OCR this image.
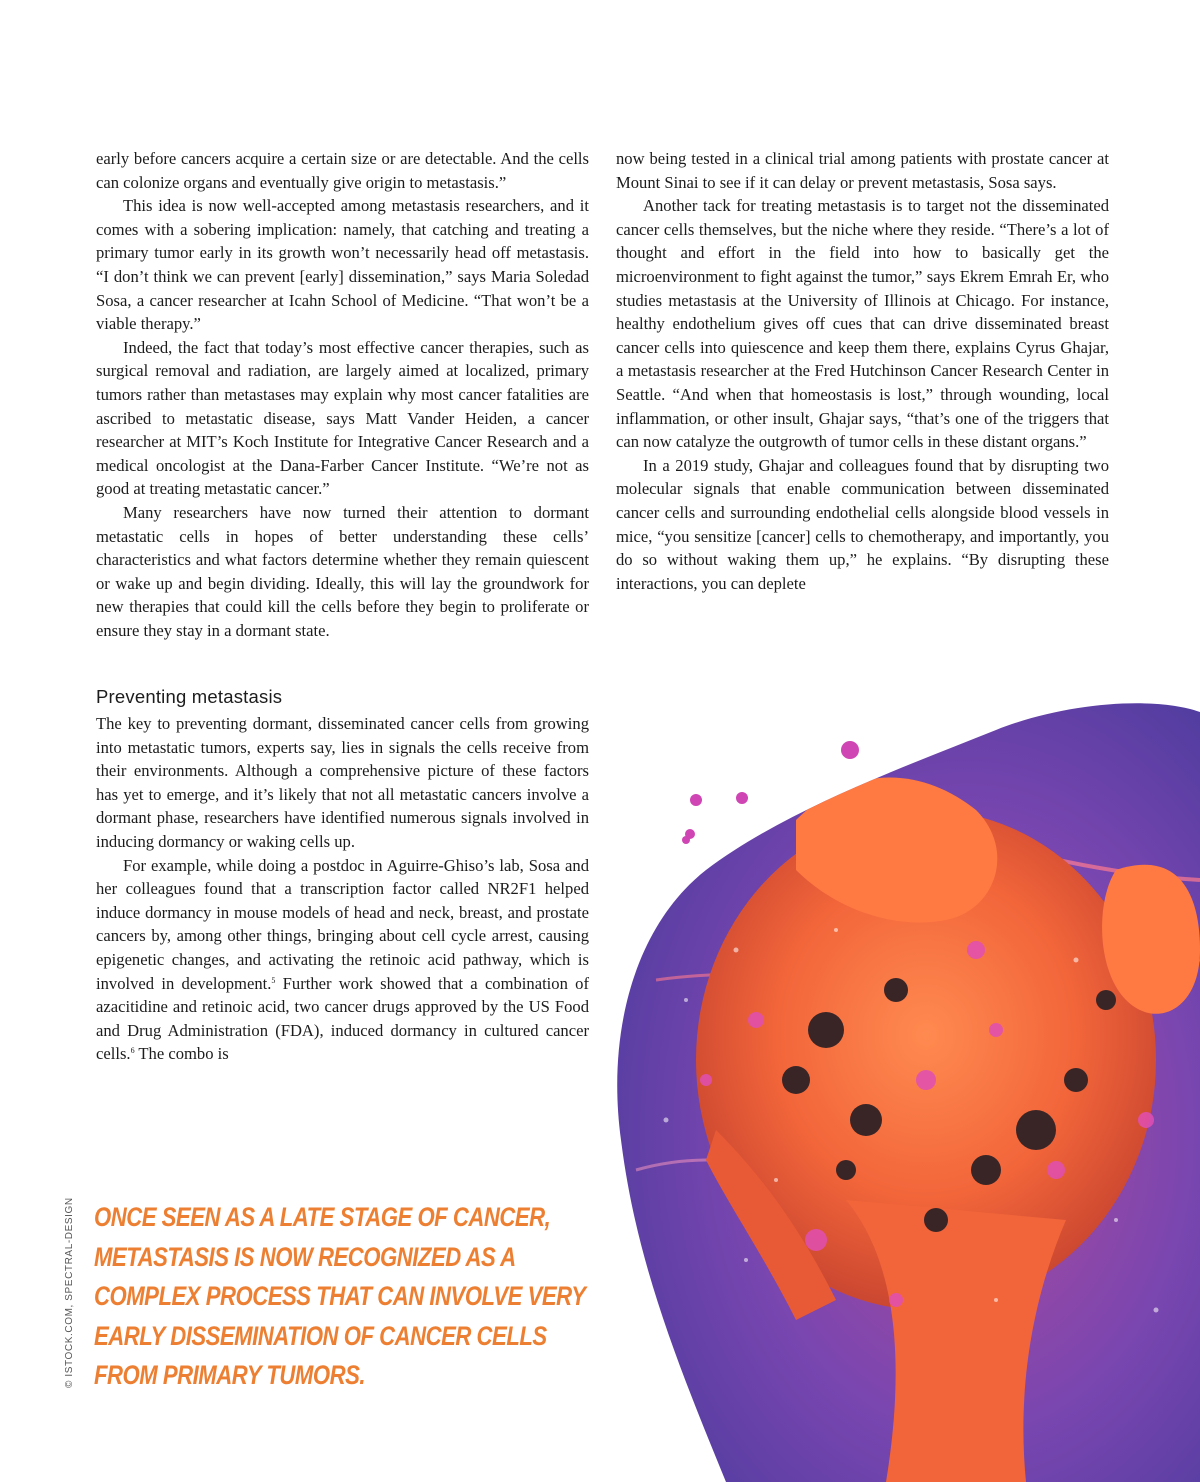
early before cancers acquire a certain size or are detectable. And the cells can colonize organs and eventually give origin to metastasis.”

This idea is now well-accepted among metastasis researchers, and it comes with a sobering implication: namely, that catching and treating a primary tumor early in its growth won’t necessarily head off metastasis. “I don’t think we can prevent [early] dissemination,” says Maria Soledad Sosa, a cancer researcher at Icahn School of Medicine. “That won’t be a viable therapy.”

Indeed, the fact that today’s most effective cancer therapies, such as surgical removal and radiation, are largely aimed at localized, primary tumors rather than metastases may explain why most cancer fatalities are ascribed to metastatic disease, says Matt Vander Heiden, a cancer researcher at MIT’s Koch Institute for Integrative Cancer Research and a medical oncologist at the Dana-Farber Cancer Institute. “We’re not as good at treating metastatic cancer.”

Many researchers have now turned their attention to dormant metastatic cells in hopes of better understanding these cells’ characteristics and what factors determine whether they remain quiescent or wake up and begin dividing. Ideally, this will lay the groundwork for new therapies that could kill the cells before they begin to proliferate or ensure they stay in a dormant state.

Preventing metastasis

The key to preventing dormant, disseminated cancer cells from growing into metastatic tumors, experts say, lies in signals the cells receive from their environments. Although a comprehensive picture of these factors has yet to emerge, and it’s likely that not all metastatic cancers involve a dormant phase, researchers have identified numerous signals involved in inducing dormancy or waking cells up.

For example, while doing a postdoc in Aguirre-Ghiso’s lab, Sosa and her colleagues found that a transcription factor called NR2F1 helped induce dormancy in mouse models of head and neck, breast, and prostate cancers by, among other things, bringing about cell cycle arrest, causing epigenetic changes, and activating the retinoic acid pathway, which is involved in development.$^5$ Further work showed that a combination of azacitidine and retinoic acid, two cancer drugs approved by the US Food and Drug Administration (FDA), induced dormancy in cultured cancer cells.$^6$ The combo is

now being tested in a clinical trial among patients with prostate cancer at Mount Sinai to see if it can delay or prevent metastasis, Sosa says.

Another tack for treating metastasis is to target not the disseminated cancer cells themselves, but the niche where they reside. “There’s a lot of thought and effort in the field into how to basically get the microenvironment to fight against the tumor,” says Ekrem Emrah Er, who studies metastasis at the University of Illinois at Chicago. For instance, healthy endothelium gives off cues that can drive disseminated breast cancer cells into quiescence and keep them there, explains Cyrus Ghajar, a metastasis researcher at the Fred Hutchinson Cancer Research Center in Seattle. “And when that homeostasis is lost,” through wounding, local inflammation, or other insult, Ghajar says, “that’s one of the triggers that can now catalyze the outgrowth of tumor cells in these distant organs.”

In a 2019 study, Ghajar and colleagues found that by disrupting two molecular signals that enable communication between disseminated cancer cells and surrounding endothelial cells alongside blood vessels in mice, “you sensitize [cancer] cells to chemotherapy, and importantly, you do so without waking them up,” he explains. “By disrupting these interactions, you can deplete

ONCE SEEN AS A LATE STAGE OF CANCER, METASTASIS IS NOW RECOGNIZED AS A COMPLEX PROCESS THAT CAN INVOLVE VERY EARLY DISSEMINATION OF CANCER CELLS FROM PRIMARY TUMORS.

© ISTOCK.COM, SPECTRAL-DESIGN
